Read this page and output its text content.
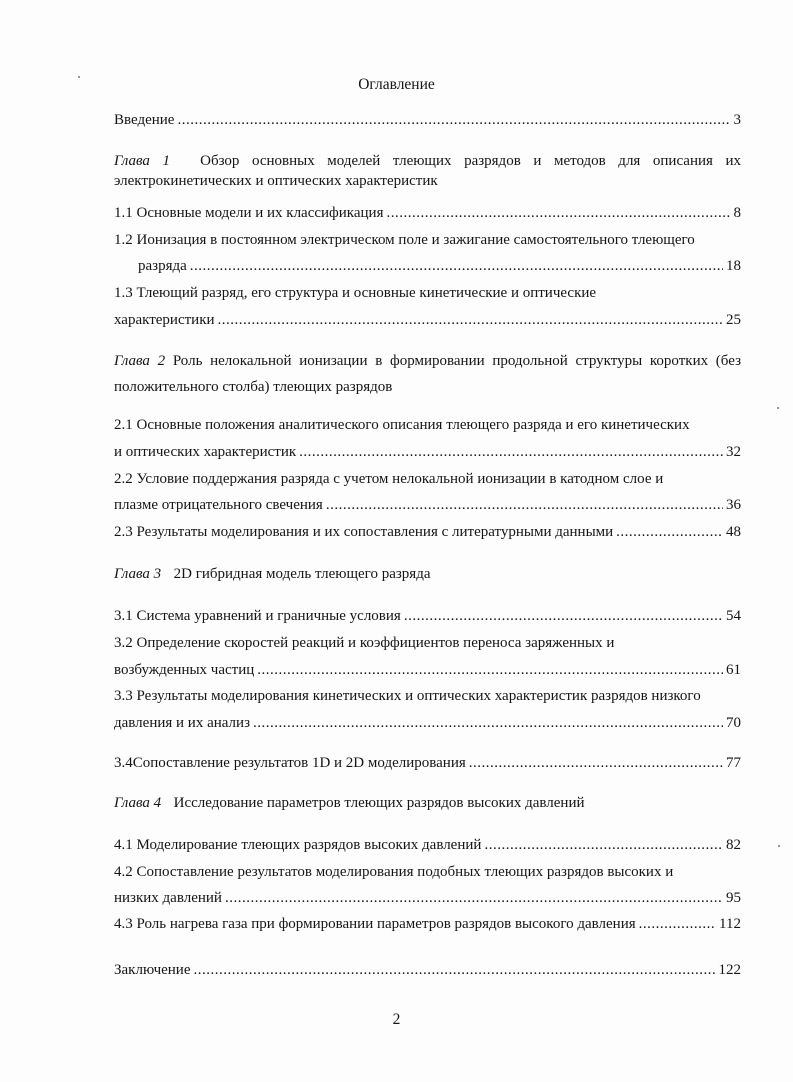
Оглавление
Введение .....	3
Глава 1 Обзор основных моделей тлеющих разрядов и методов для описания их электрокинетических и оптических характеристик
1.1 Основные модели и их классификация .....	8
1.2 Ионизация в постоянном электрическом поле и зажигание самостоятельного тлеющего
разряда .....	18
1.3 Тлеющий разряд, его структура и основные кинетические и оптические
характеристики .....	25
Глава 2 Роль нелокальной ионизации в формировании продольной структуры коротких (без положительного столба) тлеющих разрядов
2.1 Основные положения аналитического описания тлеющего разряда и его кинетических
и оптических характеристик .....	32
2.2 Условие поддержания разряда с учетом нелокальной ионизации в катодном слое и
плазме отрицательного свечения .....	36
2.3 Результаты моделирования и их сопоставления с литературными данными .....	48
Глава 3 2D гибридная модель тлеющего разряда
3.1 Система уравнений и граничные условия .....	54
3.2 Определение скоростей реакций и коэффициентов переноса заряженных и
возбужденных частиц .....	61
3.3 Результаты моделирования кинетических и оптических характеристик разрядов низкого
давления и их анализ .....	70
3.4 Сопоставление результатов 1D и 2D моделирования .....	77
Глава 4 Исследование параметров тлеющих разрядов высоких давлений
4.1 Моделирование тлеющих разрядов высоких давлений .....	82
4.2 Сопоставление результатов моделирования подобных тлеющих разрядов высоких и
низких давлений .....	95
4.3 Роль нагрева газа при формировании параметров разрядов высокого давления .....	112
Заключение .....	122
2
